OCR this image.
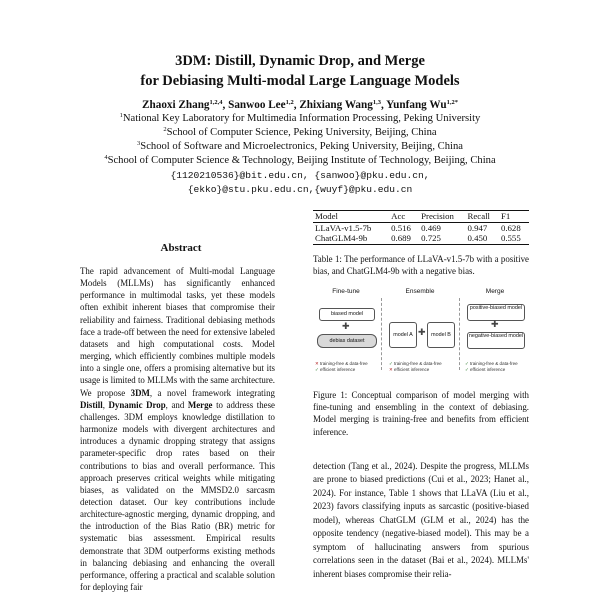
3DM: Distill, Dynamic Drop, and Merge
for Debiasing Multi-modal Large Language Models
Zhaoxi Zhang$^{1,2,4}$, Sanwoo Lee$^{1,2}$, Zhixiang Wang$^{1,3}$, Yunfang $Wu^{1,2*}$
$^1$National Key Laboratory for Multimedia Information Processing, Peking University
$^2$School of Computer Science, Peking University, Beijing, China
$^3$School of Software and Microelectronics, Peking University, Beijing, China
$^4$School of Computer Science & Technology, Beijing Institute of Technology, Beijing, China
{1120210536}@bit.edu.cn, {sanwoo}@pku.edu.cn,
{ekko}@stu.pku.edu.cn,{wuyf}@pku.edu.cn
Abstract

The rapid advancement of Multi-modal Language Models (MLLMs) has significantly enhanced performance in multimodal tasks, yet these models often exhibit inherent biases that compromise their reliability and fairness. Traditional debiasing methods face a trade-off between the need for extensive labeled datasets and high computational costs. Model merging, which efficiently combines multiple models into a single one, offers a promising alternative but its usage is limited to MLLMs with the same architecture. We propose 3DM, a novel framework integrating Distill, Dynamic Drop, and Merge to address these challenges. 3DM employs knowledge distillation to harmonize models with divergent architectures and introduces a dynamic dropping strategy that assigns parameter-specific drop rates based on their contributions to bias and overall performance. This approach preserves critical weights while mitigating biases, as validated on the MMSD2.0 sarcasm detection dataset. Our key contributions include architecture-agnostic merging, dynamic dropping, and the introduction of the Bias Ratio (BR) metric for systematic bias assessment. Empirical results demonstrate that 3DM outperforms existing methods in balancing debiasing and enhancing the overall performance, offering a practical and scalable solution for deploying fair

Model	Acc	Precision	Recall	F1
LLaVA-v1.5-7b	0.516	0.469	0.947	0.628
ChatGLM4-9b	0.689	0.725	0.450	0.555
Table 1: The performance of LLaVA-v1.5-7b with a positive bias, and ChatGLM4-9b with a negative bias.
Fine-tune	Ensemble	Merge
biased model
✚
debias dataset
model A ✚	model B
positive-biased model
✚
negative-biased model
✕ training-free & data-free
✓ efficient inference
✓ training-free & data-free
✕ efficient inference
✓ training-free & data-free
✓ efficient inference
Figure 1: Conceptual comparison of model merging with fine-tuning and ensembling in the context of debiasing. Model merging is training-free and benefits from efficient inference.

detection (Tang et al., 2024). Despite the progress, MLLMs are prone to biased predictions (Cui et al., 2023; Hanet al., 2024). For instance, Table 1 shows that LLaVA (Liu et al., 2023) favors classifying inputs as sarcastic (positive-biased model), whereas ChatGLM (GLM et al., 2024) has the opposite tendency (negative-biased model). This may be a symptom of hallucinating answers from spurious correlations seen in the dataset (Bai et al., 2024). MLLMs' inherent biases compromise their relia-
